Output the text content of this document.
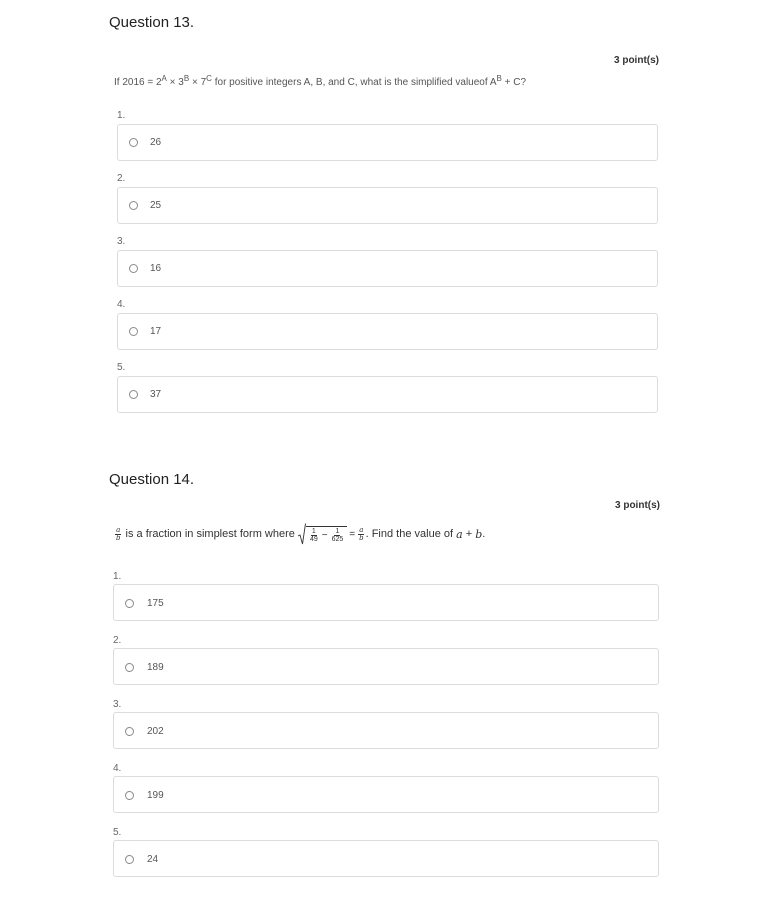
Question 13.
3 point(s)
If $2016 = 2^A \times 3^B \times 7^C$ for positive integers A, B, and C, what is the simplified valueof $A^B + C$?
1.
26
2.
25
3.
16
4.
17
5.
37
Question 14.
3 point(s)
$\frac{a}{b}$ is a fraction in simplest form where $\frac{1}{49} - \frac{1}{625} = \frac{a}{b}$ . Find the value of a + b .
1.
175
2.
189
3.
202
4.
199
5.
24
